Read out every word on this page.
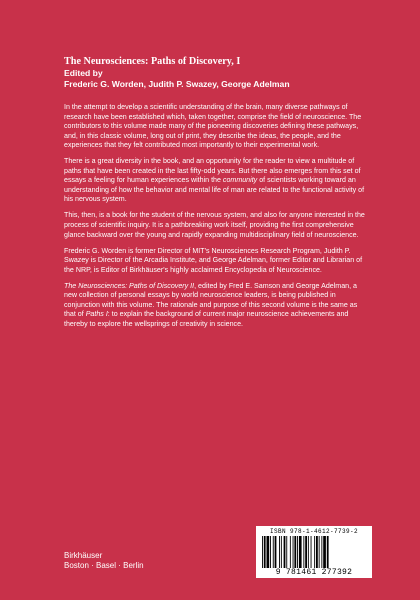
The Neurosciences: Paths of Discovery, I

Edited by

Frederic G. Worden, Judith P. Swazey, George Adelman

In the attempt to develop a scientific understanding of the brain, many diverse pathways of research have been established which, taken together, comprise the field of neuroscience. The contributors to this volume made many of the pioneering discoveries defining these pathways, and, in this classic volume, long out of print, they describe the ideas, the people, and the experiences that they felt contributed most importantly to their experimental work.

There is a great diversity in the book, and an opportunity for the reader to view a multitude of paths that have been created in the last fifty-odd years. But there also emerges from this set of essays a feeling for human experiences within the community of scientists working toward an understanding of how the behavior and mental life of man are related to the functional activity of his nervous system.

This, then, is a book for the student of the nervous system, and also for anyone interested in the process of scientific inquiry. It is a pathbreaking work itself, providing the first comprehensive glance backward over the young and rapidly expanding multidisciplinary field of neuroscience.

Frederic G. Worden is former Director of MIT's Neurosciences Research Program, Judith P. Swazey is Director of the Arcadia Institute, and George Adelman, former Editor and Librarian of the NRP, is Editor of Birkhäuser's highly acclaimed Encyclopedia of Neuroscience.

The Neurosciences: Paths of Discovery II, edited by Fred E. Samson and George Adelman, a new collection of personal essays by world neuroscience leaders, is being published in conjunction with this volume. The rationale and purpose of this second volume is the same as that of Paths I: to explain the background of current major neuroscience achievements and thereby to explore the wellsprings of creativity in science.

Birkhäuser

Boston · Basel · Berlin

ISBN 978-1-4612-7739-2
9 781461 277392
